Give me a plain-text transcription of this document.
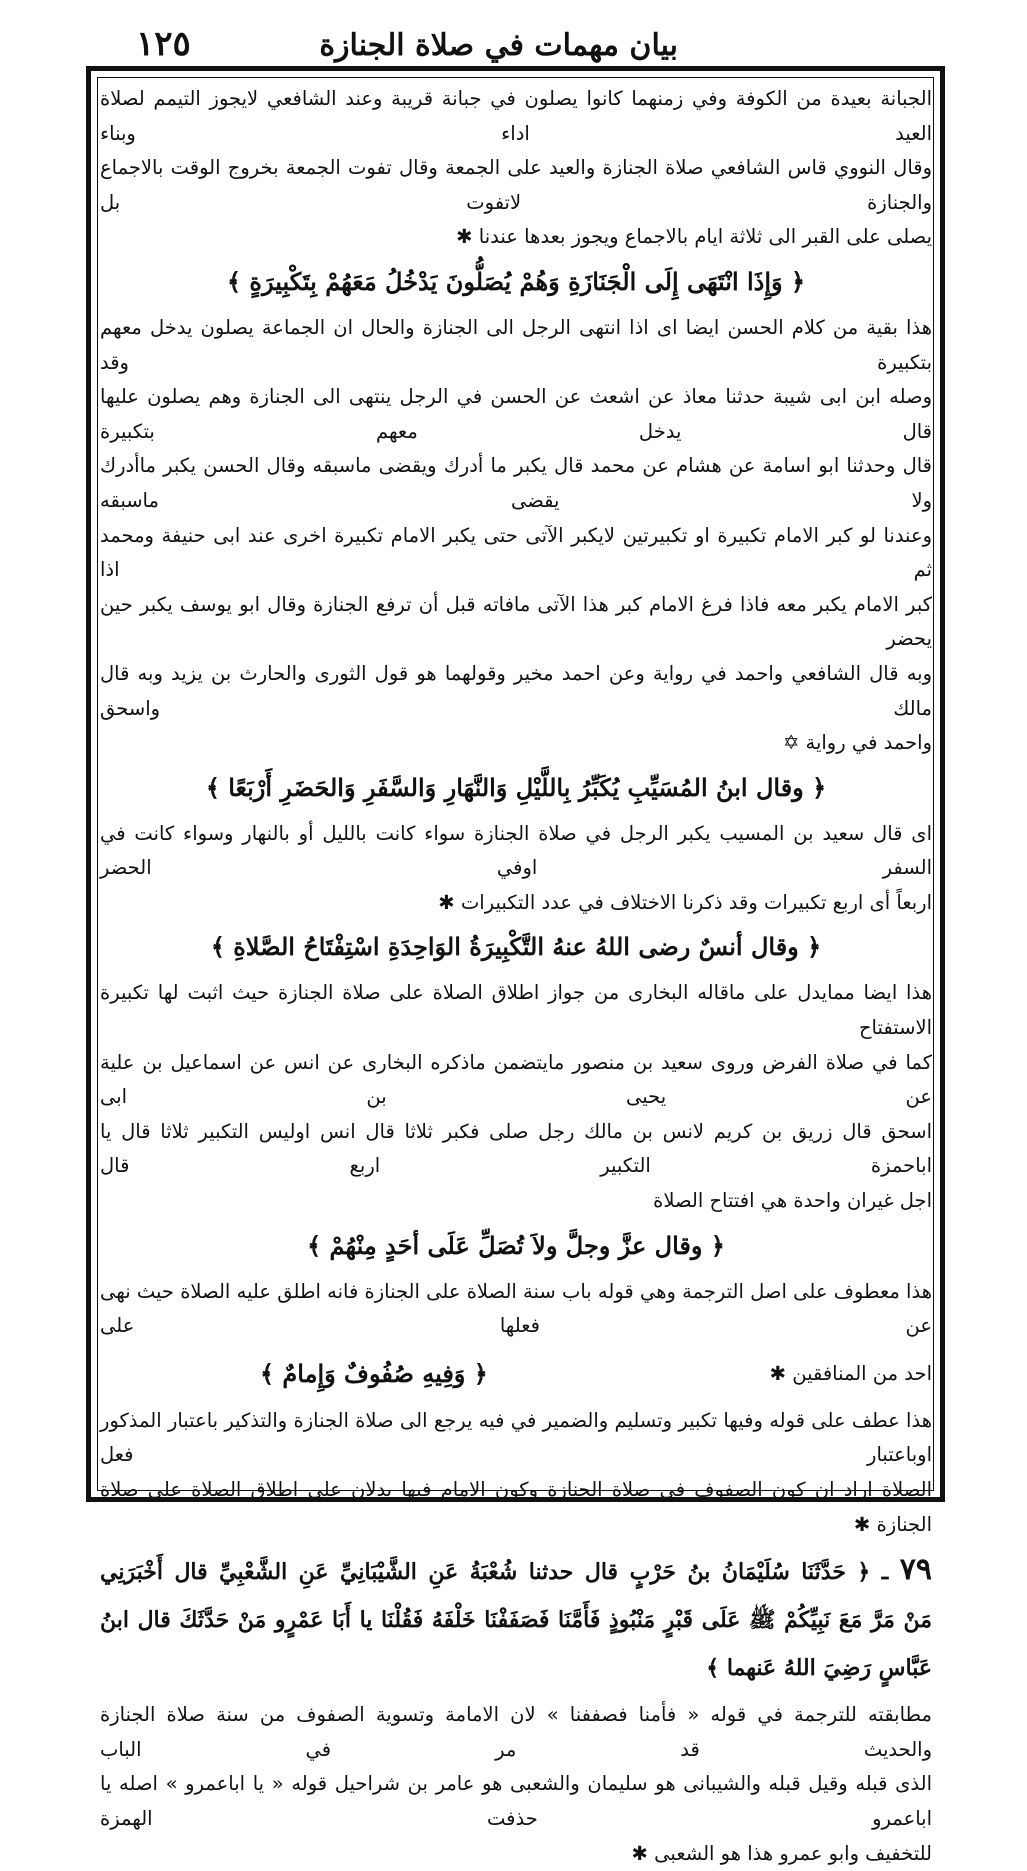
بيان مهمات في صلاة الجنازة
١٢٥

الجبانة بعيدة من الكوفة وفي زمنهما كانوا يصلون في جبانة قريبة وعند الشافعي لايجوز التيمم لصلاة العيد اداء وبناء

وقال النووي قاس الشافعي صلاة الجنازة والعيد على الجمعة وقال تفوت الجمعة بخروج الوقت بالاجماع والجنازة لاتفوت بل

يصلى على القبر الى ثلاثة ايام بالاجماع ويجوز بعدها عندنا ✱

﴿ وَإِذَا انْتَهَى إِلَى الْجَنَازَةِ وَهُمْ يُصَلُّونَ يَدْخُلُ مَعَهُمْ بِتَكْبِيرَةٍ ﴾

هذا بقية من كلام الحسن ايضا اى اذا انتهى الرجل الى الجنازة والحال ان الجماعة يصلون يدخل معهم بتكبيرة وقد

وصله ابن ابى شيبة حدثنا معاذ عن اشعث عن الحسن في الرجل ينتهى الى الجنازة وهم يصلون عليها قال يدخل معهم بتكبيرة

قال وحدثنا ابو اسامة عن هشام عن محمد قال يكبر ما أدرك ويقضى ماسبقه وقال الحسن يكبر ماأدرك ولا يقضى ماسبقه

وعندنا لو كبر الامام تكبيرة او تكبيرتين لايكبر الآتى حتى يكبر الامام تكبيرة اخرى عند ابى حنيفة ومحمد ثم اذا

كبر الامام يكبر معه فاذا فرغ الامام كبر هذا الآتى مافاته قبل أن ترفع الجنازة وقال ابو يوسف يكبر حين يحضر

وبه قال الشافعي واحمد في رواية وعن احمد مخير وقولهما هو قول الثورى والحارث بن يزيد وبه قال مالك واسحق

واحمد في رواية ✡

﴿ وقال ابنُ المُسَيِّبِ يُكَبِّرُ بِاللَّيْلِ وَالنَّهَارِ وَالسَّفَرِ وَالحَضَرِ أَرْبَعًا ﴾

اى قال سعيد بن المسيب يكبر الرجل في صلاة الجنازة سواء كانت بالليل أو بالنهار وسواء كانت في السفر اوفي الحضر

اربعاً أى اربع تكبيرات وقد ذكرنا الاختلاف في عدد التكبيرات ✱

﴿ وقال أنسٌ رضى اللهُ عنهُ التَّكْبِيرَةُ الوَاحِدَةِ اسْتِفْتَاحُ الصَّلاةِ ﴾

هذا ايضا ممايدل على ماقاله البخارى من جواز اطلاق الصلاة على صلاة الجنازة حيث اثبت لها تكبيرة الاستفتاح

كما في صلاة الفرض وروى سعيد بن منصور مايتضمن ماذكره البخارى عن انس عن اسماعيل بن علية عن يحيى بن ابى

اسحق قال زريق بن كريم لانس بن مالك رجل صلى فكبر ثلاثا قال انس اوليس التكبير ثلاثا قال يا اباحمزة التكبير اربع قال

اجل غيران واحدة هي افتتاح الصلاة

﴿ وقال عزَّ وجلَّ ولاَ تُصَلِّ عَلَى أحَدٍ مِنْهُمْ ﴾

هذا معطوف على اصل الترجمة وهي قوله باب سنة الصلاة على الجنازة فانه اطلق عليه الصلاة حيث نهى عن فعلها على

احد من المنافقين ✱
﴿ وَفِيهِ صُفُوفٌ وَإِمامٌ ﴾

هذا عطف على قوله وفيها تكبير وتسليم والضمير في فيه يرجع الى صلاة الجنازة والتذكير باعتبار المذكور اوباعتبار فعل

الصلاة اراد ان كون الصفوف في صلاة الجنازة وكون الامام فيها يدلان على اطلاق الصلاة على صلاة الجنازة ✱

٧٩ ـ ﴿ حَدَّثَنَا سُلَيْمَانُ بنُ حَرْبٍ قال حدثنا شُعْبَةُ عَنِ الشَّيْبَانِيِّ عَنِ الشَّعْبِيِّ قال أَخْبَرَنِي

مَنْ مَرَّ مَعَ نَبِيِّكُمْ ﷺ عَلَى قَبْرٍ مَنْبُوذٍ فَأَمَّنَا فَصَفَفْنَا خَلْفَهُ فَقُلْنَا يا أَبَا عَمْرٍو مَنْ حَدَّثَكَ قال ابنُ

عَبَّاسٍ رَضِيَ اللهُ عَنهما ﴾

مطابقته للترجمة في قوله « فأمنا فصففنا » لان الامامة وتسوية الصفوف من سنة صلاة الجنازة والحديث قد مر في الباب

الذى قبله وقيل قبله والشيبانى هو سليمان والشعبى هو عامر بن شراحيل قوله « يا اباعمرو » اصله يا اباعمرو حذفت الهمزة

للتخفيف وابو عمرو هذا هو الشعبى ✱
